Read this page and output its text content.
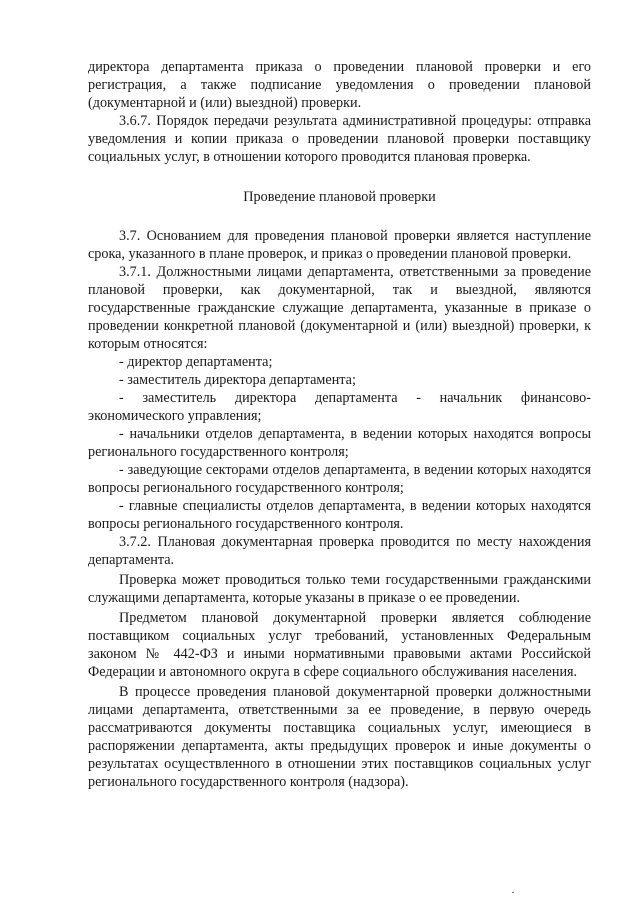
директора департамента приказа о проведении плановой проверки и его регистрация, а также подписание уведомления о проведении плановой (документарной и (или) выездной) проверки.

3.6.7. Порядок передачи результата административной процедуры: отправка уведомления и копии приказа о проведении плановой проверки поставщику социальных услуг, в отношении которого проводится плановая проверка.

Проведение плановой проверки

3.7. Основанием для проведения плановой проверки является наступление срока, указанного в плане проверок, и приказ о проведении плановой проверки.

3.7.1. Должностными лицами департамента, ответственными за проведение плановой проверки, как документарной, так и выездной, являются государственные гражданские служащие департамента, указанные в приказе о проведении конкретной плановой (документарной и (или) выездной) проверки, к которым относятся:

- директор департамента;

- заместитель директора департамента;

- заместитель директора департамента - начальник финансово-экономического управления;

- начальники отделов департамента, в ведении которых находятся вопросы регионального государственного контроля;

- заведующие секторами отделов департамента, в ведении которых находятся вопросы регионального государственного контроля;

- главные специалисты отделов департамента, в ведении которых находятся вопросы регионального государственного контроля.

3.7.2. Плановая документарная проверка проводится по месту нахождения департамента.

Проверка может проводиться только теми государственными гражданскими служащими департамента, которые указаны в приказе о ее проведении.

Предметом плановой документарной проверки является соблюдение поставщиком социальных услуг требований, установленных Федеральным законом № 442-ФЗ и иными нормативными правовыми актами Российской Федерации и автономного округа в сфере социального обслуживания населения.

В процессе проведения плановой документарной проверки должностными лицами департамента, ответственными за ее проведение, в первую очередь рассматриваются документы поставщика социальных услуг, имеющиеся в распоряжении департамента, акты предыдущих проверок и иные документы о результатах осуществленного в отношении этих поставщиков социальных услуг регионального государственного контроля (надзора).
